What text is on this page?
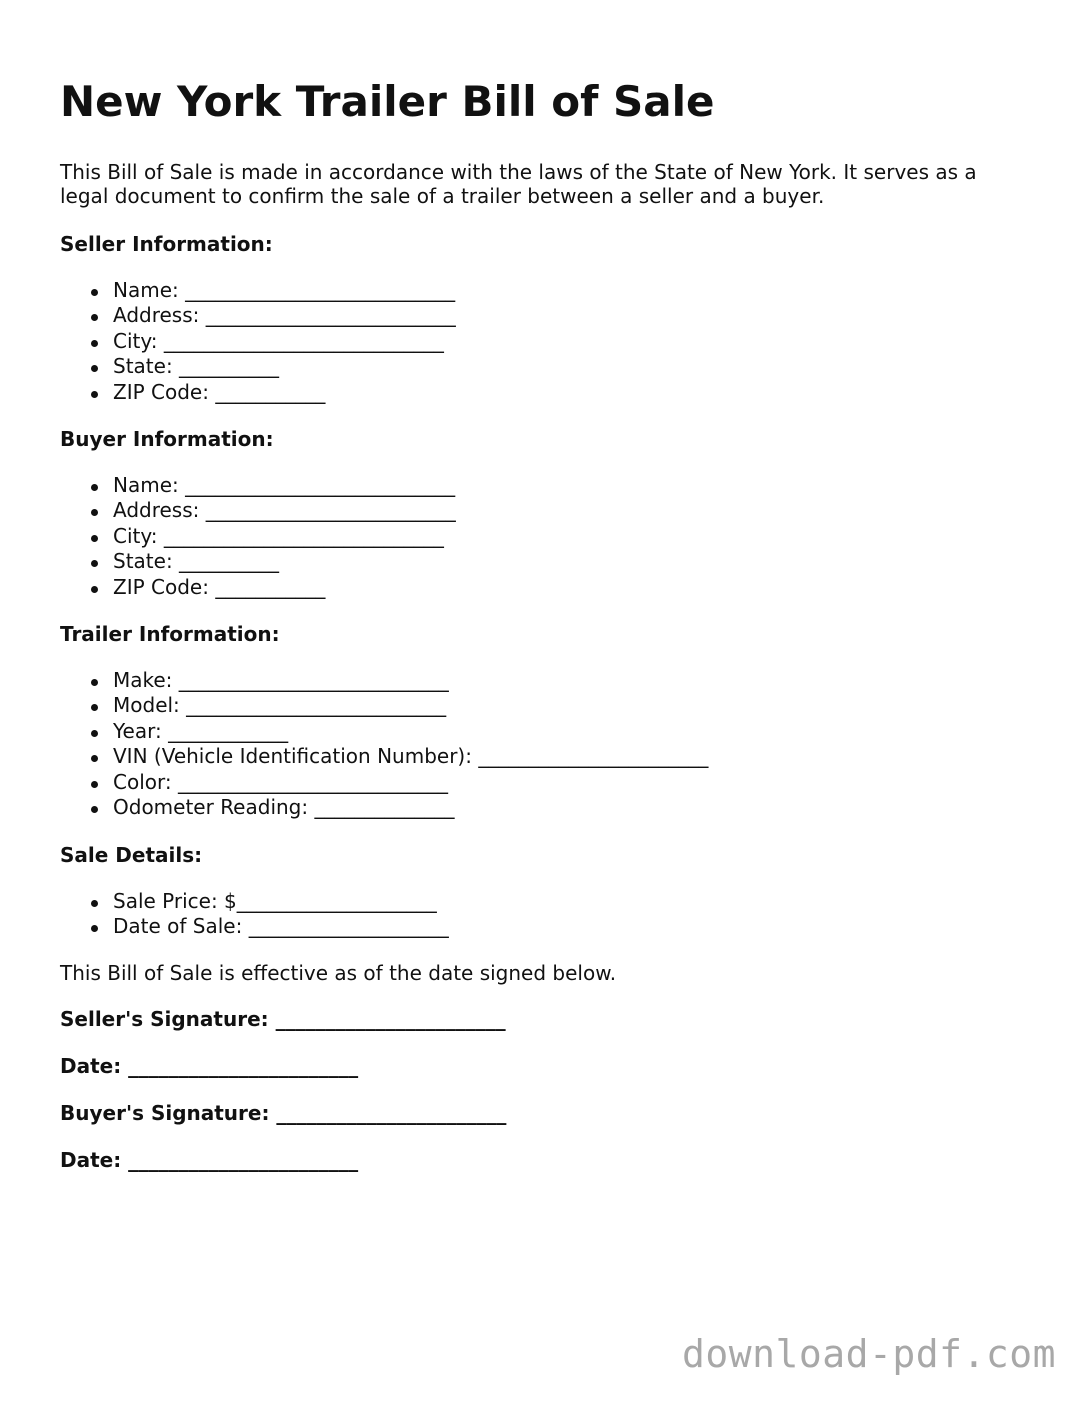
New York Trailer Bill of Sale

This Bill of Sale is made in accordance with the laws of the State of New York. It serves as a legal document to confirm the sale of a trailer between a seller and a buyer.

Seller Information:
Name: ___________________________
Address: _________________________
City: ____________________________
State: __________
ZIP Code: ___________
Buyer Information:
Name: ___________________________
Address: _________________________
City: ____________________________
State: __________
ZIP Code: ___________
Trailer Information:
Make: ___________________________
Model: __________________________
Year: ____________
VIN (Vehicle Identification Number): _______________________
Color: ___________________________
Odometer Reading: ______________
Sale Details:
Sale Price: $____________________
Date of Sale: ____________________

This Bill of Sale is effective as of the date signed below.

Seller's Signature: _______________________
Date: _______________________
Buyer's Signature: _______________________
Date: _______________________
download-pdf.com
